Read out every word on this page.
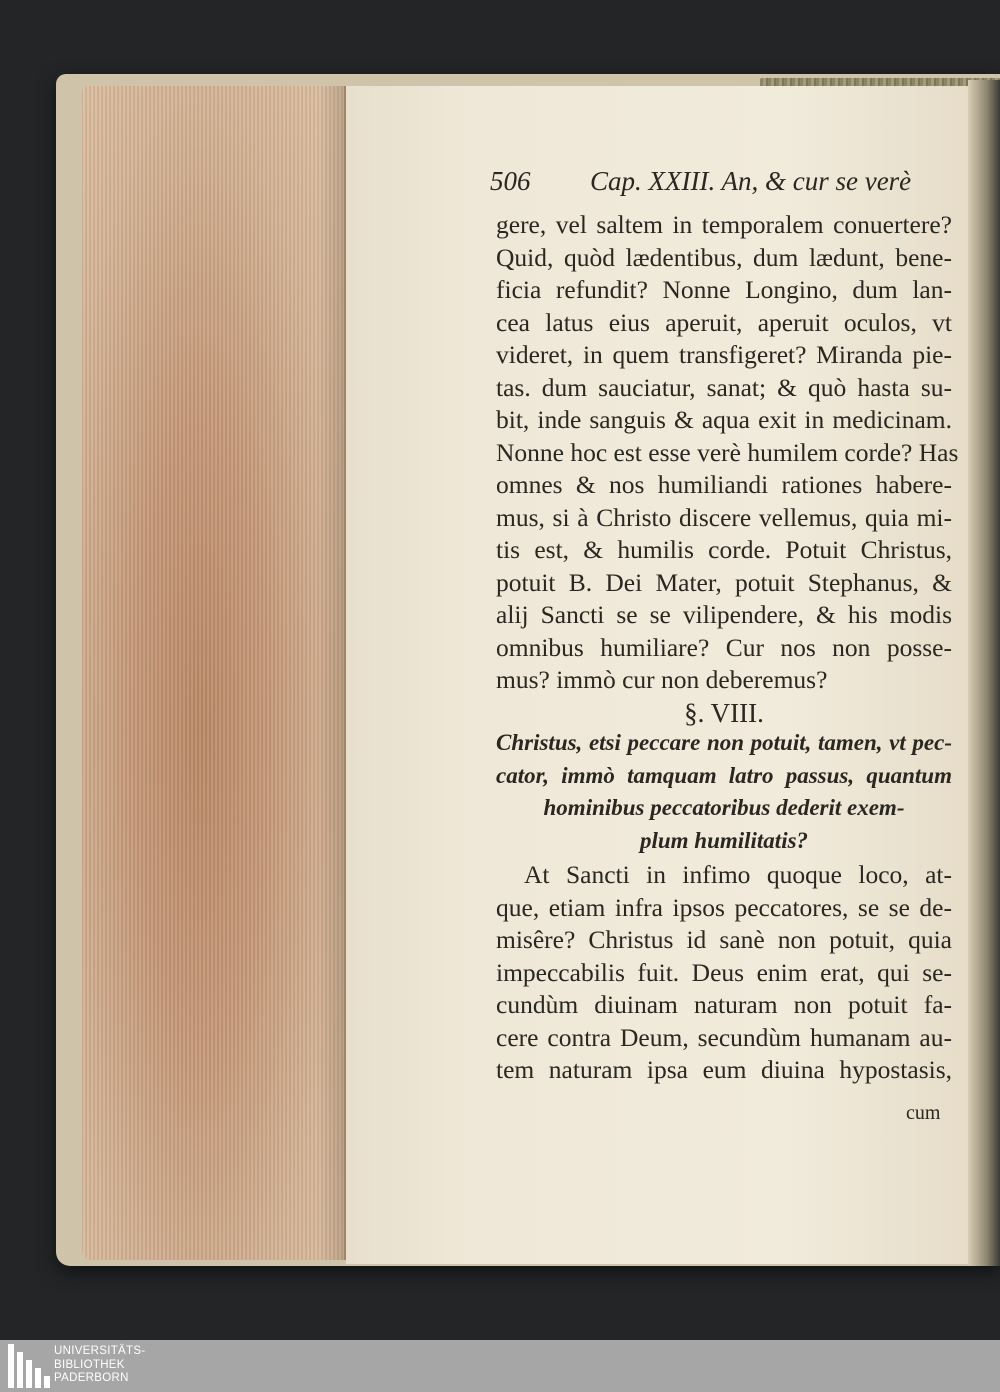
506 Cap. XXIII. An, & cur se verè
gere, vel saltem in temporalem conuertere?
Quid, quòd lædentibus, dum lædunt, bene-
ficia refundit? Nonne Longino, dum lan-
cea latus eius aperuit, aperuit oculos, vt
videret, in quem transfigeret? Miranda pie-
tas. dum sauciatur, sanat; & quò hasta su-
bit, inde sanguis & aqua exit in medicinam.
Nonne hoc est esse verè humilem corde? Has
omnes & nos humiliandi rationes habere-
mus, si à Christo discere vellemus, quia mi-
tis est, & humilis corde. Potuit Christus,
potuit B. Dei Mater, potuit Stephanus, &
alij Sancti se se vilipendere, & his modis
omnibus humiliare? Cur nos non posse-
mus? immò cur non deberemus?
§. VIII.
Christus, etsi peccare non potuit, tamen, vt pec-
cator, immò tamquam latro passus, quantum
hominibus peccatoribus dederit exem-
plum humilitatis?
At Sancti in infimo quoque loco, at-
que, etiam infra ipsos peccatores, se se de-
misêre? Christus id sanè non potuit, quia
impeccabilis fuit. Deus enim erat, qui se-
cundùm diuinam naturam non potuit fa-
cere contra Deum, secundùm humanam au-
tem naturam ipsa eum diuina hypostasis,
cum
UNIVERSITÄTS-
BIBLIOTHEK
PADERBORN
